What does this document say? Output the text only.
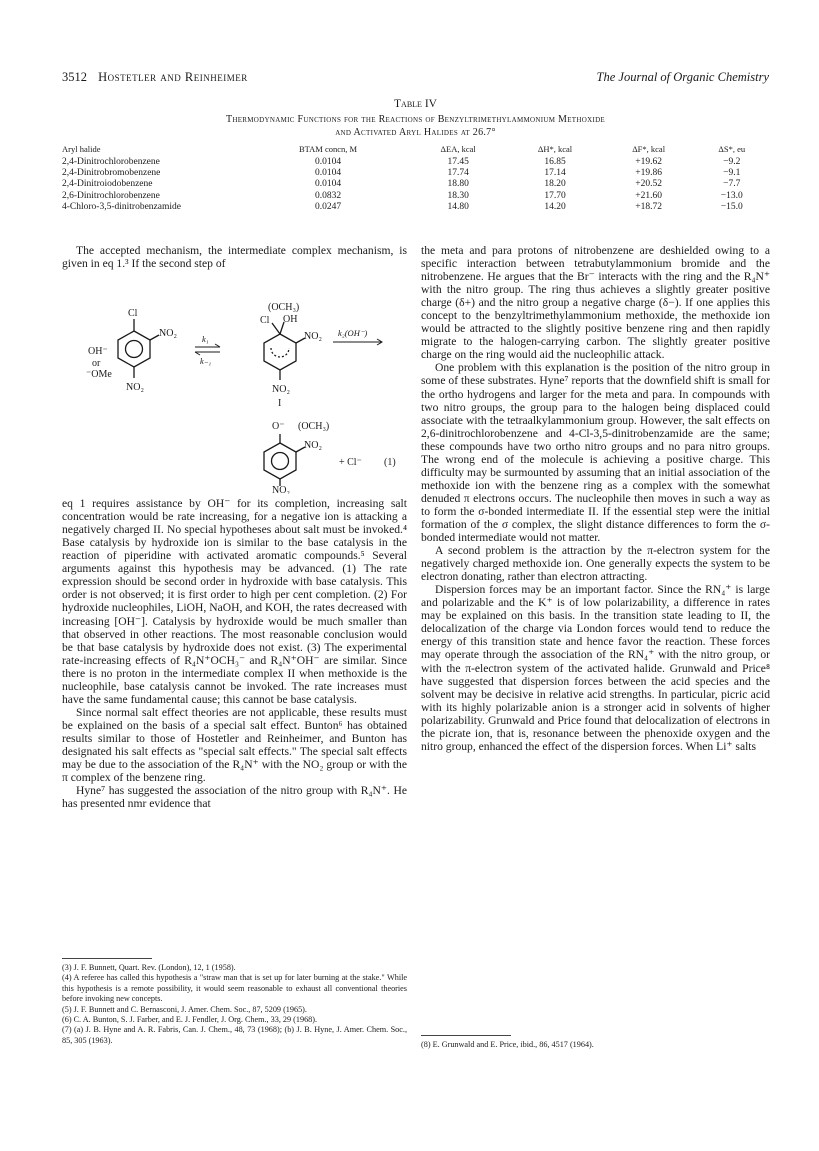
3512 Hostetler and Reinheimer	The Journal of Organic Chemistry
Table IV
Thermodynamic Functions for the Reactions of Benzyltrimethylammonium Methoxide
and Activated Aryl Halides at 26.7°
Aryl halide	BTAM concn, M	ΔEA, kcal	ΔH*, kcal	ΔF*, kcal	ΔS*, eu
2,4-Dinitrochlorobenzene	0.0104	17.45	16.85	+19.62	−9.2
2,4-Dinitrobromobenzene	0.0104	17.74	17.14	+19.86	−9.1
2,4-Dinitroiodobenzene	0.0104	18.80	18.20	+20.52	−7.7
2,6-Dinitrochlorobenzene	0.0832	18.30	17.70	+21.60	−13.0
4-Chloro-3,5-dinitrobenzamide	0.0247	14.80	14.20	+18.72	−15.0

The accepted mechanism, the intermediate complex mechanism, is given in eq 1.³ If the second step of

Cl
NO₂
NO₂
OH⁻
or
⁻OMe
k₁
k₋₁
(OCH₃)
Cl OH
NO₂
NO₂
I
k₂(OH⁻)
O⁻ (OCH₃)
NO₂
NO₂
+ Cl⁻ (1)

eq 1 requires assistance by OH⁻ for its completion, increasing salt concentration would be rate increasing, for a negative ion is attacking a negatively charged II. No special hypotheses about salt must be invoked.⁴ Base catalysis by hydroxide ion is similar to the base catalysis in the reaction of piperidine with activated aromatic compounds.⁵ Several arguments against this hypothesis may be advanced. (1) The rate expression should be second order in hydroxide with base catalysis. This order is not observed; it is first order to high per cent completion. (2) For hydroxide nucleophiles, LiOH, NaOH, and KOH, the rates decreased with increasing [OH⁻]. Catalysis by hydroxide would be much smaller than that observed in other reactions. The most reasonable conclusion would be that base catalysis by hydroxide does not exist. (3) The experimental rate-increasing effects of R₄N⁺OCH₃⁻ and R₄N⁺OH⁻ are similar. Since there is no proton in the intermediate complex II when methoxide is the nucleophile, base catalysis cannot be invoked. The rate increases must have the same fundamental cause; this cannot be base catalysis.

Since normal salt effect theories are not applicable, these results must be explained on the basis of a special salt effect. Bunton⁶ has obtained results similar to those of Hostetler and Reinheimer, and Bunton has designated his salt effects as "special salt effects." The special salt effects may be due to the association of the R₄N⁺ with the NO₂ group or with the π complex of the benzene ring.

Hyne⁷ has suggested the association of the nitro group with R₄N⁺. He has presented nmr evidence that

the meta and para protons of nitrobenzene are deshielded owing to a specific interaction between tetrabutylammonium bromide and the nitrobenzene. He argues that the Br⁻ interacts with the ring and the R₄N⁺ with the nitro group. The ring thus achieves a slightly greater positive charge (δ+) and the nitro group a negative charge (δ−). If one applies this concept to the benzyltrimethylammonium methoxide, the methoxide ion would be attracted to the slightly positive benzene ring and then rapidly migrate to the halogen-carrying carbon. The slightly greater positive charge on the ring would aid the nucleophilic attack.

One problem with this explanation is the position of the nitro group in some of these substrates. Hyne⁷ reports that the downfield shift is small for the ortho hydrogens and larger for the meta and para. In compounds with two nitro groups, the group para to the halogen being displaced could associate with the tetraalkylammonium group. However, the salt effects on 2,6-dinitrochlorobenzene and 4-Cl-3,5-dinitrobenzamide are the same; these compounds have two ortho nitro groups and no para nitro groups. The wrong end of the molecule is achieving a positive charge. This difficulty may be surmounted by assuming that an initial association of the methoxide ion with the benzene ring as a complex with the somewhat denuded π electrons occurs. The nucleophile then moves in such a way as to form the σ-bonded intermediate II. If the essential step were the initial formation of the σ complex, the slight distance differences to form the σ-bonded intermediate would not matter.

A second problem is the attraction by the π-electron system for the negatively charged methoxide ion. One generally expects the system to be electron donating, rather than electron attracting.

Dispersion forces may be an important factor. Since the RN₄⁺ is large and polarizable and the K⁺ is of low polarizability, a difference in rates may be explained on this basis. In the transition state leading to II, the delocalization of the charge via London forces would tend to reduce the energy of this transition state and hence favor the reaction. These forces may operate through the association of the RN₄⁺ with the nitro group, or with the π-electron system of the activated halide. Grunwald and Price⁸ have suggested that dispersion forces between the acid species and the solvent may be decisive in relative acid strengths. In particular, picric acid with its highly polarizable anion is a stronger acid in solvents of higher polarizability. Grunwald and Price found that delocalization of electrons in the picrate ion, that is, resonance between the phenoxide oxygen and the nitro group, enhanced the effect of the dispersion forces. When Li⁺ salts

(3) J. F. Bunnett, Quart. Rev. (London), 12, 1 (1958).
(4) A referee has called this hypothesis a "straw man that is set up for later burning at the stake." While this hypothesis is a remote possibility, it would seem reasonable to exhaust all conventional theories before invoking new concepts.
(5) J. F. Bunnett and C. Bernasconi, J. Amer. Chem. Soc., 87, 5209 (1965).
(6) C. A. Bunton, S. J. Farber, and E. J. Fendler, J. Org. Chem., 33, 29 (1968).
(7) (a) J. B. Hyne and A. R. Fabris, Can. J. Chem., 48, 73 (1968); (b) J. B. Hyne, J. Amer. Chem. Soc., 85, 305 (1963).	(8) E. Grunwald and E. Price, ibid., 86, 4517 (1964).
